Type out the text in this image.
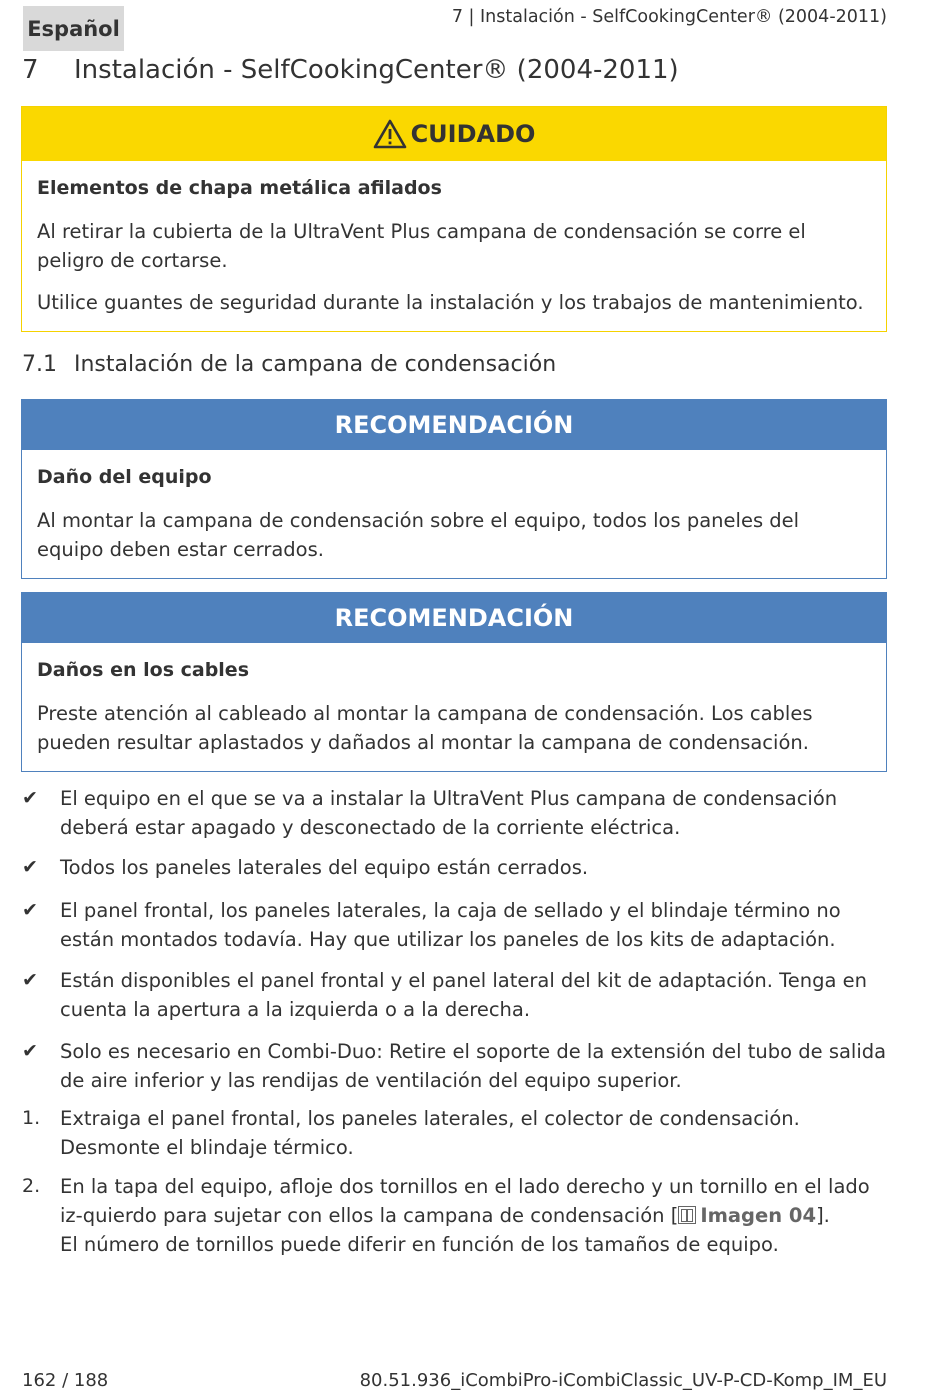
Español	7 | Instalación - SelfCookingCenter® (2004-2011)
7 Instalación - SelfCookingCenter® (2004-2011)
CUIDADO

Elementos de chapa metálica afilados

Al retirar la cubierta de la UltraVent Plus campana de condensación se corre el peligro de cortarse.

Utilice guantes de seguridad durante la instalación y los trabajos de mantenimiento.

7.1 Instalación de la campana de condensación
RECOMENDACIÓN

Daño del equipo

Al montar la campana de condensación sobre el equipo, todos los paneles del equipo deben estar cerrados.

RECOMENDACIÓN

Daños en los cables

Preste atención al cableado al montar la campana de condensación. Los cables pueden resultar aplastados y dañados al montar la campana de condensación.

✔	El equipo en el que se va a instalar la UltraVent Plus campana de condensación deberá estar apagado y desconectado de la corriente eléctrica.
✔	Todos los paneles laterales del equipo están cerrados.
✔	El panel frontal, los paneles laterales, la caja de sellado y el blindaje término no están montados todavía. Hay que utilizar los paneles de los kits de adaptación.
✔	Están disponibles el panel frontal y el panel lateral del kit de adaptación. Tenga en cuenta la apertura a la izquierda o a la derecha.
✔	Solo es necesario en Combi-Duo: Retire el soporte de la extensión del tubo de salida de aire inferior y las rendijas de ventilación del equipo superior.
1.	Extraiga el panel frontal, los paneles laterales, el colector de condensación. Desmonte el blindaje térmico.
2.	En la tapa del equipo, afloje dos tornillos en el lado derecho y un tornillo en el lado iz-quierdo para sujetar con ellos la campana de condensación [ Imagen 04].
El número de tornillos puede diferir en función de los tamaños de equipo.
162 / 188	80.51.936_iCombiPro-iCombiClassic_UV-P-CD-Komp_IM_EU
